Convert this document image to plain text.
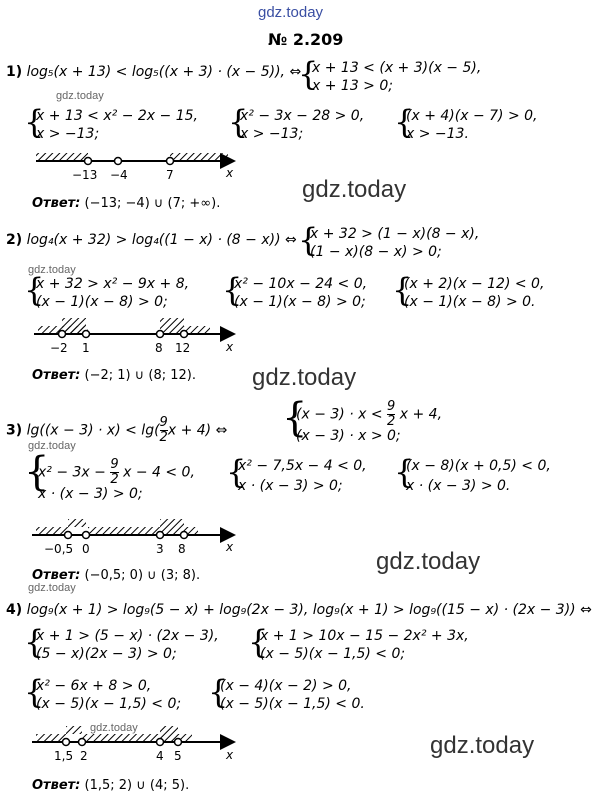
gdz.today
№ 2.209
gdz.today
gdz.today
gdz.today
gdz.today
gdz.today
gdz.today
gdz.today
gdz.today
gdz.today
1) log₅(x + 13) < log₅((x + 3) · (x − 5)), ⇔
{
x + 13 < (x + 3)(x − 5),
x + 13 > 0;
{
x + 13 < x² − 2x − 15,
x > −13;	{
x² − 3x − 28 > 0,
x > −13;	{
(x + 4)(x − 7) > 0,
x > −13.
−13 −4	7	x
Ответ: (−13; −4) ∪ (7; +∞).
2) log₄(x + 32) > log₄((1 − x) · (8 − x)) ⇔ {
x + 32 > (1 − x)(8 − x),
(1 − x)(8 − x) > 0;
{
x + 32 > x² − 9x + 8,
(x − 1)(x − 8) > 0; {
x² − 10x − 24 < 0,
(x − 1)(x − 8) > 0; {
(x + 2)(x − 12) < 0,
(x − 1)(x − 8) > 0.
−2 1	8 12	x
Ответ: (−2; 1) ∪ (8; 12).
3) $\lg((x - 3) \cdot x) < \lg(\frac{9}{2}$ x + 4) ⇔ {
$(x - 3) \cdot x < \frac{9}{2}$ x + 4,
(x − 3) · x > 0;
{
$x^2 - 3x - \frac{9}{2}$ x − 4 < 0,
x · (x − 3) > 0;
{
x² − 7,5x − 4 < 0,
x · (x − 3) > 0; {
(x − 8)(x + 0,5) < 0,
x · (x − 3) > 0.
−0,5 0	3 8	x
Ответ: (−0,5; 0) ∪ (3; 8).
4) log₉(x + 1) > log₉(5 − x) + log₉(2x − 3), log₉(x + 1) > log₉((15 − x) · (2x − 3)) ⇔
{
x + 1 > (5 − x) · (2x − 3),
(5 − x)(2x − 3) > 0; {
x + 1 > 10x − 15 − 2x² + 3x,
(x − 5)(x − 1,5) < 0;
{
x² − 6x + 8 > 0,
(x − 5)(x − 1,5) < 0; {
(x − 4)(x − 2) > 0,
(x − 5)(x − 1,5) < 0.
1,5 2	4 5	x
Ответ: (1,5; 2) ∪ (4; 5).
